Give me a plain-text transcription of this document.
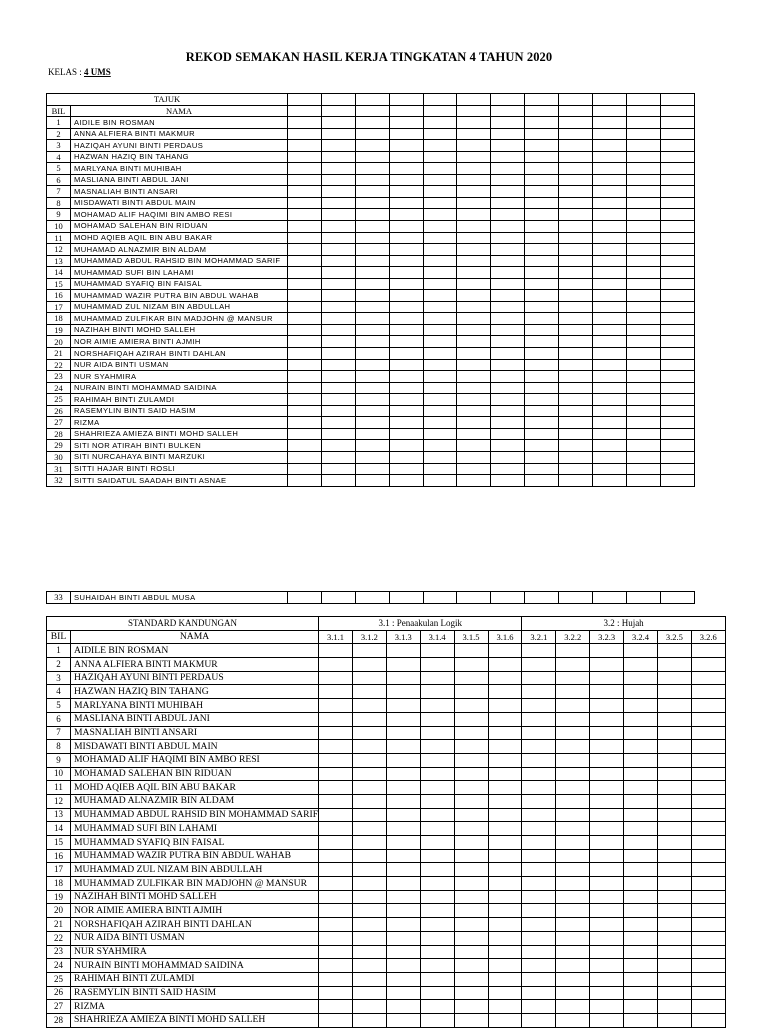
REKOD SEMAKAN HASIL KERJA TINGKATAN 4 TAHUN 2020
KELAS : 4 UMS
TAJUK													
BIL	NAMA												
1	AIDILE BIN ROSMAN												
2	ANNA ALFIERA BINTI MAKMUR												
3	HAZIQAH AYUNI BINTI PERDAUS												
4	HAZWAN HAZIQ BIN TAHANG												
5	MARLYANA BINTI MUHIBAH												
6	MASLIANA BINTI ABDUL JANI												
7	MASNALIAH BINTI ANSARI												
8	MISDAWATI BINTI ABDUL MAIN												
9	MOHAMAD ALIF HAQIMI BIN AMBO RESI												
10	MOHAMAD SALEHAN BIN RIDUAN												
11	MOHD AQIEB AQIL BIN ABU BAKAR												
12	MUHAMAD ALNAZMIR BIN ALDAM												
13	MUHAMMAD ABDUL RAHSID BIN MOHAMMAD SARIF												
14	MUHAMMAD SUFI BIN LAHAMI												
15	MUHAMMAD SYAFIQ BIN FAISAL												
16	MUHAMMAD WAZIR PUTRA BIN ABDUL WAHAB												
17	MUHAMMAD ZUL NIZAM BIN ABDULLAH												
18	MUHAMMAD ZULFIKAR BIN MADJOHN @ MANSUR												
19	NAZIHAH BINTI MOHD SALLEH												
20	NOR AIMIE AMIERA BINTI AJMIH												
21	NORSHAFIQAH AZIRAH BINTI DAHLAN												
22	NUR AIDA BINTI USMAN												
23	NUR SYAHMIRA												
24	NURAIN BINTI MOHAMMAD SAIDINA												
25	RAHIMAH BINTI ZULAMDI												
26	RASEMYLIN BINTI SAID HASIM												
27	RIZMA												
28	SHAHRIEZA AMIEZA BINTI MOHD SALLEH												
29	SITI NOR ATIRAH BINTI BULKEN												
30	SITI NURCAHAYA BINTI MARZUKI												
31	SITTI HAJAR BINTI ROSLI												
32	SITTI SAIDATUL SAADAH BINTI ASNAE												
33	SUHAIDAH BINTI ABDUL MUSA												
STANDARD KANDUNGAN		3.1 : Penaakulan Logik						3.2 : Hujah					
BIL	NAMA	3.1.1	3.1.2	3.1.3	3.1.4	3.1.5	3.1.6	3.2.1	3.2.2	3.2.3	3.2.4	3.2.5	3.2.6
1	AIDILE BIN ROSMAN												
2	ANNA ALFIERA BINTI MAKMUR												
3	HAZIQAH AYUNI BINTI PERDAUS												
4	HAZWAN HAZIQ BIN TAHANG												
5	MARLYANA BINTI MUHIBAH												
6	MASLIANA BINTI ABDUL JANI												
7	MASNALIAH BINTI ANSARI												
8	MISDAWATI BINTI ABDUL MAIN												
9	MOHAMAD ALIF HAQIMI BIN AMBO RESI												
10	MOHAMAD SALEHAN BIN RIDUAN												
11	MOHD AQIEB AQIL BIN ABU BAKAR												
12	MUHAMAD ALNAZMIR BIN ALDAM												
13	MUHAMMAD ABDUL RAHSID BIN MOHAMMAD SARIF												
14	MUHAMMAD SUFI BIN LAHAMI												
15	MUHAMMAD SYAFIQ BIN FAISAL												
16	MUHAMMAD WAZIR PUTRA BIN ABDUL WAHAB												
17	MUHAMMAD ZUL NIZAM BIN ABDULLAH												
18	MUHAMMAD ZULFIKAR BIN MADJOHN @ MANSUR												
19	NAZIHAH BINTI MOHD SALLEH												
20	NOR AIMIE AMIERA BINTI AJMIH												
21	NORSHAFIQAH AZIRAH BINTI DAHLAN												
22	NUR AIDA BINTI USMAN												
23	NUR SYAHMIRA												
24	NURAIN BINTI MOHAMMAD SAIDINA												
25	RAHIMAH BINTI ZULAMDI												
26	RASEMYLIN BINTI SAID HASIM												
27	RIZMA												
28	SHAHRIEZA AMIEZA BINTI MOHD SALLEH												
